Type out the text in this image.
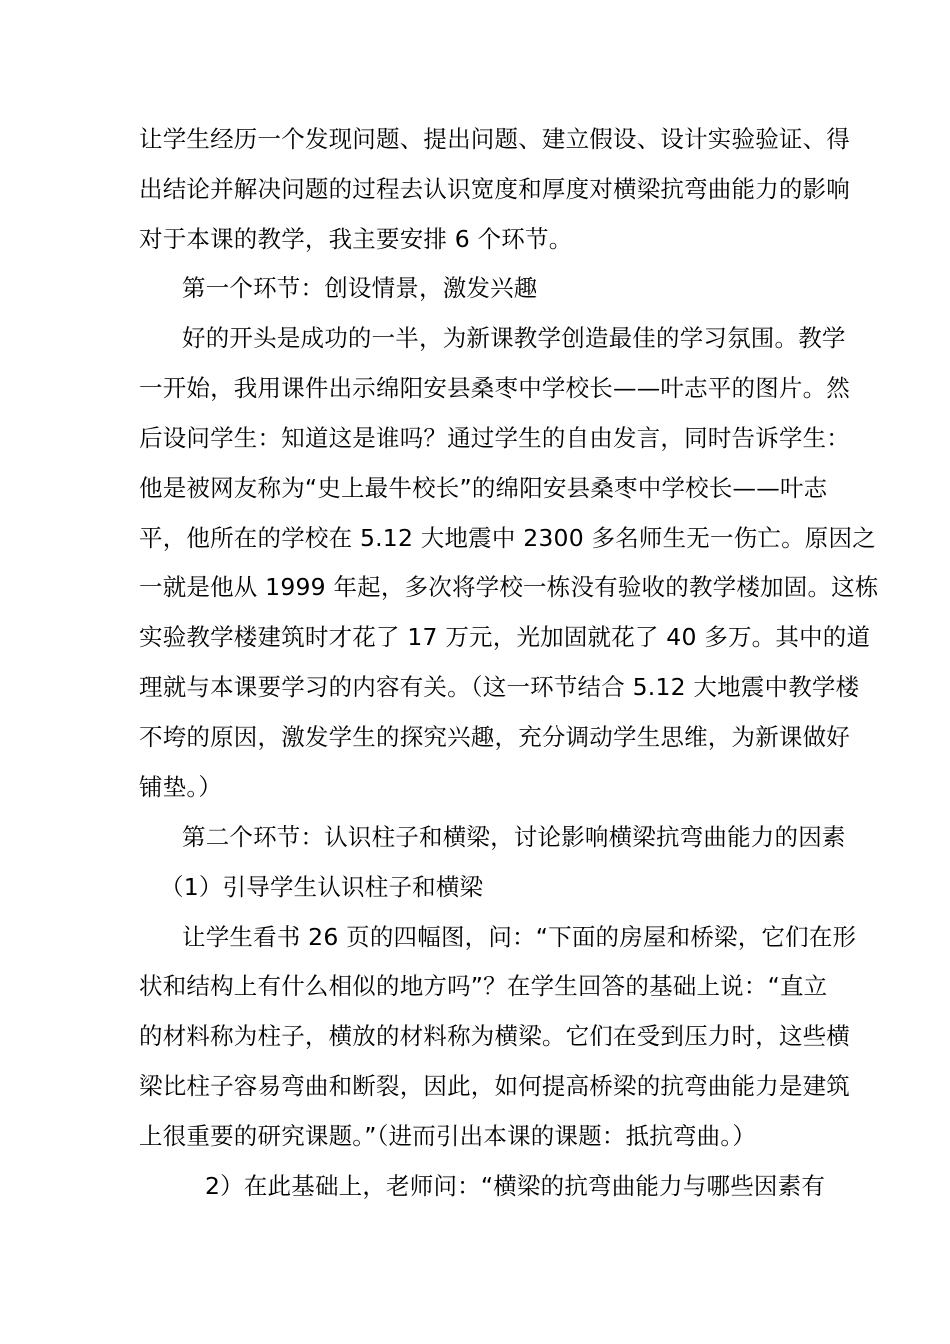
让学生经历一个发现问题、提出问题、建立假设、设计实验验证、得
出结论并解决问题的过程去认识宽度和厚度对横梁抗弯曲能力的影响
对于本课的教学，我主要安排 6 个环节。
第一个环节：创设情景，激发兴趣
好的开头是成功的一半，为新课教学创造最佳的学习氛围。教学
一开始，我用课件出示绵阳安县桑枣中学校长——叶志平的图片。然
后设问学生：知道这是谁吗？通过学生的自由发言，同时告诉学生：
他是被网友称为“史上最牛校长”的绵阳安县桑枣中学校长——叶志
平，他所在的学校在 5.12 大地震中 2300 多名师生无一伤亡。原因之
一就是他从 1999 年起，多次将学校一栋没有验收的教学楼加固。这栋
实验教学楼建筑时才花了 17 万元，光加固就花了 40 多万。其中的道
理就与本课要学习的内容有关。（这一环节结合 5.12 大地震中教学楼
不垮的原因，激发学生的探究兴趣，充分调动学生思维，为新课做好
铺垫。）
第二个环节：认识柱子和横梁，讨论影响横梁抗弯曲能力的因素
（1）引导学生认识柱子和横梁
让学生看书 26 页的四幅图，问：“下面的房屋和桥梁，它们在形
状和结构上有什么相似的地方吗”？在学生回答的基础上说：“直立
的材料称为柱子，横放的材料称为横梁。它们在受到压力时，这些横
梁比柱子容易弯曲和断裂，因此，如何提高桥梁的抗弯曲能力是建筑
上很重要的研究课题。”（进而引出本课的课题：抵抗弯曲。）
2）在此基础上，老师问：“横梁的抗弯曲能力与哪些因素有
